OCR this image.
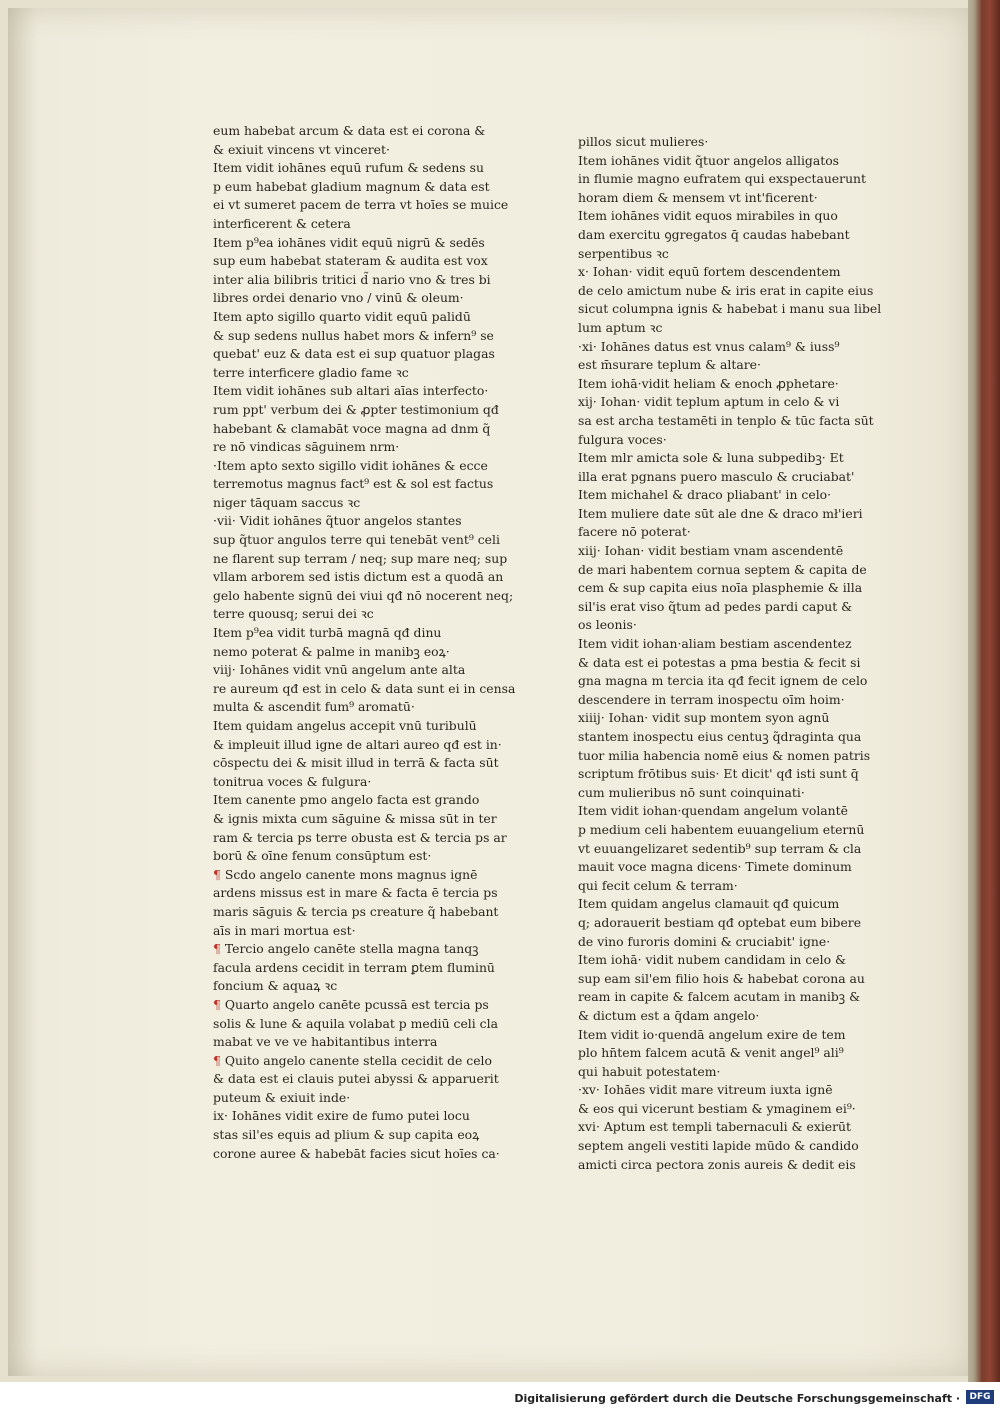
eum habebat arcum & data est ei corona &
& exiuit vincens vt vinceret·
Item vidit iohānes equū rufum & sedens su
p eum habebat gladium magnum & data est
ei vt sumeret pacem de terra vt hoīes se muice
interficerent & cetera
Item p⁹ea iohānes vidit equū nigrū & sedēs
sup eum habebat stateram & audita est vox
inter alia bilibris tritici d̃ nario vno & tres bi
libres ordei denario vno / vinū & oleum·
Item apto sigillo quarto vidit equū palidū
& sup sedens nullus habet mors & infern⁹ se
quebat' euz & data est ei sup quatuor plagas
terre interficere gladio fame ꝛc
Item vidit iohānes sub altari aīas interfecto·
rum ppt' verbum dei & ꝓpter testimonium qđ
habebant & clamabāt voce magna ad dnm q̃
re nō vindicas sāguinem nrm·
·Item apto sexto sigillo vidit iohānes & ecce
terremotus magnus fact⁹ est & sol est factus
niger tāquam saccus ꝛc
·vii· Vidit iohānes q̃tuor angelos stantes
sup q̃tuor angulos terre qui tenebāt vent⁹ celi
ne flarent sup terram / neq; sup mare neq; sup
vllam arborem sed istis dictum est a quodā an
gelo habente signū dei viui qđ nō nocerent neq;
terre quousq; serui dei ꝛc
Item p⁹ea vidit turbā magnā qđ dinu
nemo poterat & palme in manibꝫ eoꝝ·
viij· Iohānes vidit vnū angelum ante alta
re aureum qđ est in celo & data sunt ei in censa
multa & ascendit fum⁹ aromatū·
Item quidam angelus accepit vnū turibulū
& impleuit illud igne de altari aureo qđ est in·
cōspectu dei & misit illud in terrā & facta sūt
tonitrua voces & fulgura·
Item canente pmo angelo facta est grando
& ignis mixta cum sāguine & missa sūt in ter
ram & tercia ps terre obusta est & tercia ps ar
borū & oīne fenum consūptum est·
¶ Scdo angelo canente mons magnus ignē
ardens missus est in mare & facta ē tercia ps
maris sāguis & tercia ps creature q̃ habebant
aīs in mari mortua est·
¶ Tercio angelo canēte stella magna tanqꝫ
facula ardens cecidit in terram ꝑtem fluminū
foncium & aquaꝝ ꝛc
¶ Quarto angelo canēte pcussā est tercia ps
solis & lune & aquila volabat p mediū celi cla
mabat ve ve ve habitantibus interra
¶ Quito angelo canente stella cecidit de celo
& data est ei clauis putei abyssi & apparuerit
puteum & exiuit inde·
ix· Iohānes vidit exire de fumo putei locu
stas sil'es equis ad plium & sup capita eoꝝ
corone auree & habebāt facies sicut hoīes ca·
pillos sicut mulieres·
Item iohānes vidit q̃tuor angelos alligatos
in flumie magno eufratem qui exspectauerunt
horam diem & mensem vt int'ficerent·
Item iohānes vidit equos mirabiles in quo
dam exercitu ꝯgregatos q̄ caudas habebant
serpentibus ꝛc
x· Iohan· vidit equū fortem descendentem
de celo amictum nube & iris erat in capite eius
sicut columpna ignis & habebat i manu sua libel
lum aptum ꝛc
·xi· Iohānes datus est vnus calam⁹ & iuss⁹
est m̄surare teplum & altare·
Item iohā·vidit heliam & enoch ꝓphetare·
xij· Iohan· vidit teplum aptum in celo & vi
sa est archa testamēti in tenplo & tūc facta sūt
fulgura voces·
Item mlr amicta sole & luna subpedibꝫ· Et
illa erat pgnans puero masculo & cruciabat'
Item michahel & draco pliabant' in celo·
Item muliere date sūt ale dne & draco mł'ieri
facere nō poterat·
xiij· Iohan· vidit bestiam vnam ascendentē
de mari habentem cornua septem & capita de
cem & sup capita eius noīa plasphemie & illa
sil'is erat viso q̃tum ad pedes pardi caput &
os leonis·
Item vidit iohan·aliam bestiam ascendentez
& data est ei potestas a pma bestia & fecit si
gna magna m tercia ita qđ fecit ignem de celo
descendere in terram inospectu oīm hoim·
xiiij· Iohan· vidit sup montem syon agnū
stantem inospectu eius centuꝫ q̃draginta qua
tuor milia habencia nomē eius & nomen patris
scriptum frōtibus suis· Et dicit' qđ isti sunt q̄
cum mulieribus nō sunt coinquinati·
Item vidit iohan·quendam angelum volantē
p medium celi habentem euuangelium eternū
vt euuangelizaret sedentib⁹ sup terram & cla
mauit voce magna dicens· Timete dominum
qui fecit celum & terram·
Item quidam angelus clamauit qđ quicum
q; adorauerit bestiam qđ optebat eum bibere
de vino furoris domini & cruciabit' igne·
Item iohā· vidit nubem candidam in celo &
sup eam sil'em filio hois & habebat corona au
ream in capite & falcem acutam in manibꝫ &
& dictum est a q̄dam angelo·
Item vidit io·quendā angelum exire de tem
plo hn̄tem falcem acutā & venit angel⁹ ali⁹
qui habuit potestatem·
·xv· Iohāes vidit mare vitreum iuxta ignē
& eos qui vicerunt bestiam & ymaginem ei⁹·
xvi· Aptum est templi tabernaculi & exierūt
septem angeli vestiti lapide mūdo & candido
amicti circa pectora zonis aureis & dedit eis
Digitalisierung gefördert durch die Deutsche Forschungsgemeinschaft ·	DFG
